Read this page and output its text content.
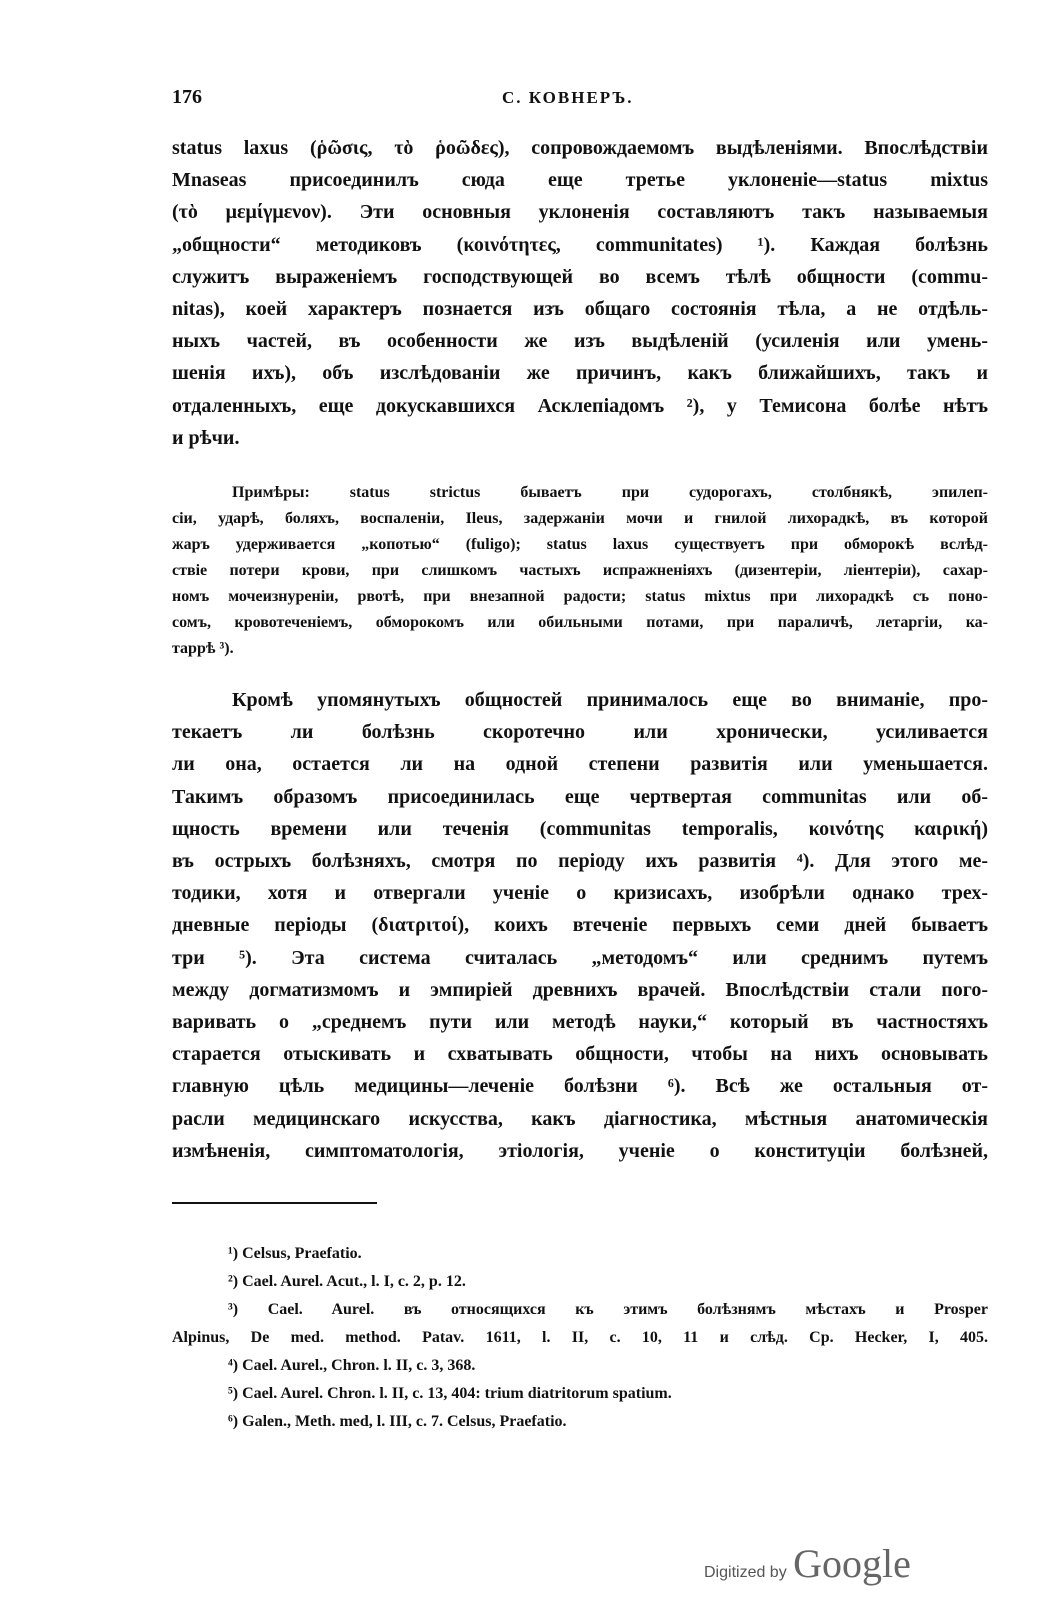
176	С. КОВНЕРЪ.

status laxus (ῥῶσις, τὸ ῥοῶδες), сопровождаемомъ выдѣленіями. Впослѣдствіи
Mnaseas присоединилъ сюда еще третье уклоненіе—status mixtus
(τὸ μεμίγμενον). Эти основныя уклоненія составляютъ такъ называемыя
„общности“ методиковъ (κοινότητες, communitates) ¹). Каждая болѣзнь
служитъ выраженіемъ господствующей во всемъ тѣлѣ общности (commu-
nitas), коей характеръ познается изъ общаго состоянія тѣла, а не отдѣль-
ныхъ частей, въ особенности же изъ выдѣленій (усиленія или умень-
шенія ихъ), объ изслѣдованіи же причинъ, какъ ближайшихъ, такъ и
отдаленныхъ, еще докускавшихся Асклепіадомъ ²), у Темисона болѣе нѣтъ
и рѣчи.

Примѣры: status strictus бываетъ при судорогахъ, столбнякѣ, эпилеп-
сіи, ударѣ, боляхъ, воспаленіи, Ileus, задержаніи мочи и гнилой лихорадкѣ, въ которой
жаръ удерживается „копотью“ (fuligo); status laxus существуетъ при обморокѣ вслѣд-
ствіе потери крови, при слишкомъ частыхъ испражненіяхъ (дизентеріи, ліентеріи), сахар-
номъ мочеизнуреніи, рвотѣ, при внезапной радости; status mixtus при лихорадкѣ съ поно-
сомъ, кровотеченіемъ, обморокомъ или обильными потами, при параличѣ, летаргіи, ка-
таррѣ ³).

Кромѣ упомянутыхъ общностей принималось еще во вниманіе, про-
текаетъ ли болѣзнь скоротечно или хронически, усиливается
ли она, остается ли на одной степени развитія или уменьшается.
Такимъ образомъ присоединилась еще чертвертая communitas или об-
щность времени или теченія (communitas temporalis, κοινότης καιρική)
въ острыхъ болѣзняхъ, смотря по періоду ихъ развитія ⁴). Для этого ме-
тодики, хотя и отвергали ученіе о кризисахъ, изобрѣли однако трех-
дневные періоды (διατριτοί), коихъ втеченіе первыхъ семи дней бываетъ
три ⁵). Эта система считалась „методомъ“ или среднимъ путемъ
между догматизмомъ и эмпиріей древнихъ врачей. Впослѣдствіи стали пого-
варивать о „среднемъ пути или методѣ науки,“ который въ частностяхъ
старается отыскивать и схватывать общности, чтобы на нихъ основывать
главную цѣль медицины—леченіе болѣзни ⁶). Всѣ же остальныя от-
расли медицинскаго искусства, какъ діагностика, мѣстныя анатомическія
измѣненія, симптоматологія, этіологія, ученіе о конституціи болѣзней,

¹) Celsus, Praefatio.
²) Cael. Aurel. Acut., l. I, c. 2, p. 12.
³) Cael. Aurel. въ относящихся къ этимъ болѣзнямъ мѣстахъ и Prosper
Alpinus, De med. method. Patav. 1611, l. II, c. 10, 11 и слѣд. Ср. Hecker, I, 405.
⁴) Cael. Aurel., Chron. l. II, c. 3, 368.
⁵) Cael. Aurel. Chron. l. II, c. 13, 404: trium diatritorum spatium.
⁶) Galen., Meth. med, l. III, c. 7. Celsus, Praefatio.
Digitized by Google
